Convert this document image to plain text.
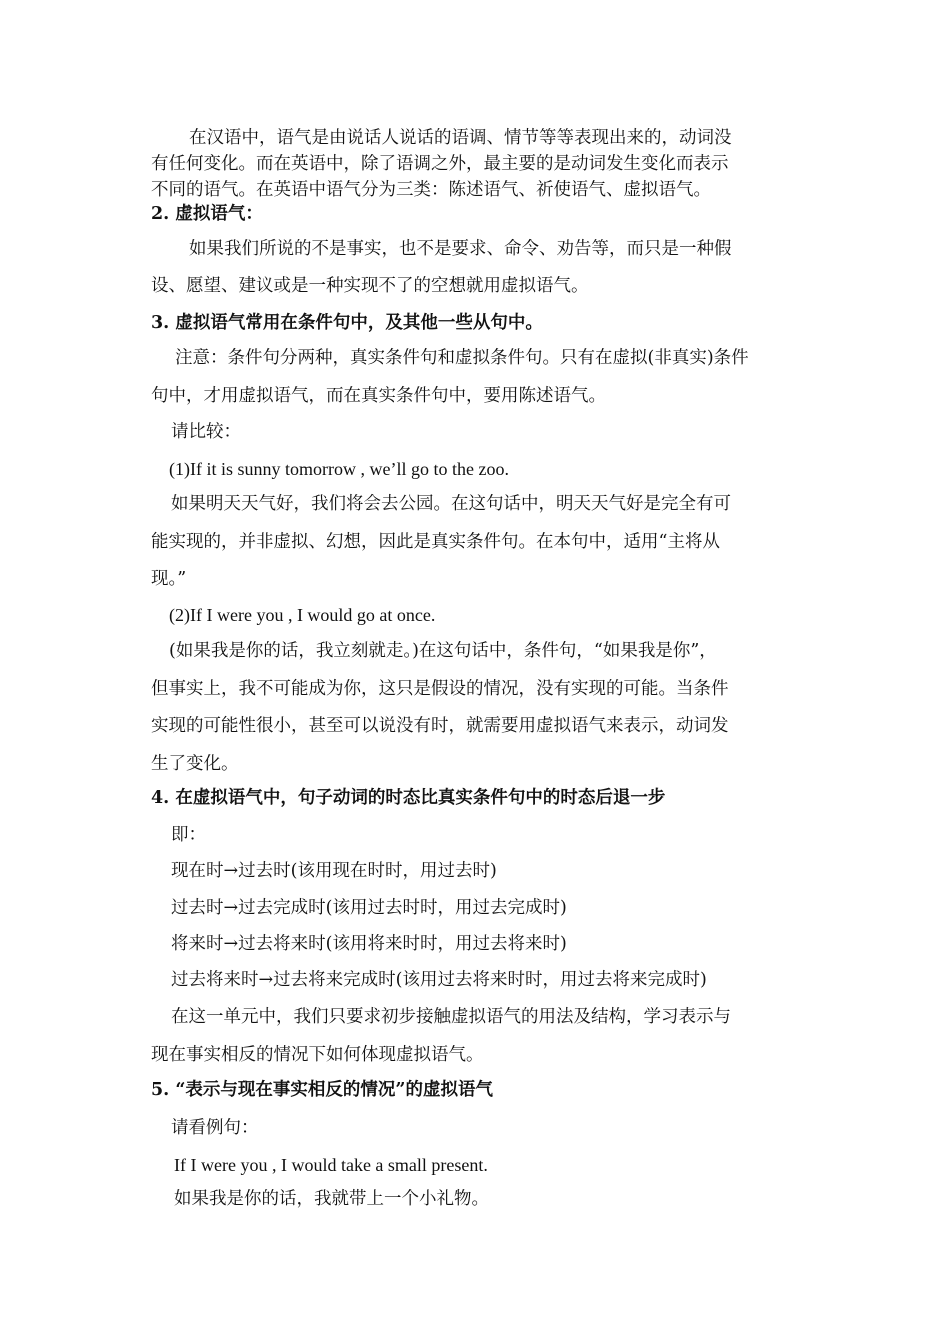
在汉语中，语气是由说话人说话的语调、情节等等表现出来的，动词没
有任何变化。而在英语中，除了语调之外，最主要的是动词发生变化而表示
不同的语气。在英语中语气分为三类：陈述语气、祈使语气、虚拟语气。
2. 虚拟语气：
如果我们所说的不是事实，也不是要求、命令、劝告等，而只是一种假
设、愿望、建议或是一种实现不了的空想就用虚拟语气。
3. 虚拟语气常用在条件句中，及其他一些从句中。
注意：条件句分两种，真实条件句和虚拟条件句。只有在虚拟(非真实)条件
句中，才用虚拟语气，而在真实条件句中，要用陈述语气。
请比较：
(1)If it is sunny tomorrow , we’ll go to the zoo.
如果明天天气好，我们将会去公园。在这句话中，明天天气好是完全有可
能实现的，并非虚拟、幻想，因此是真实条件句。在本句中，适用“主将从
现。”
(2)If I were you , I would go at once.
(如果我是你的话，我立刻就走。)在这句话中，条件句，“如果我是你”，
但事实上，我不可能成为你，这只是假设的情况，没有实现的可能。当条件
实现的可能性很小，甚至可以说没有时，就需要用虚拟语气来表示，动词发
生了变化。
4. 在虚拟语气中，句子动词的时态比真实条件句中的时态后退一步
即：
现在时→过去时(该用现在时时，用过去时)
过去时→过去完成时(该用过去时时，用过去完成时)
将来时→过去将来时(该用将来时时，用过去将来时)
过去将来时→过去将来完成时(该用过去将来时时，用过去将来完成时)
在这一单元中，我们只要求初步接触虚拟语气的用法及结构，学习表示与
现在事实相反的情况下如何体现虚拟语气。
5. “表示与现在事实相反的情况”的虚拟语气
请看例句：
If I were you , I would take a small present.
如果我是你的话，我就带上一个小礼物。
